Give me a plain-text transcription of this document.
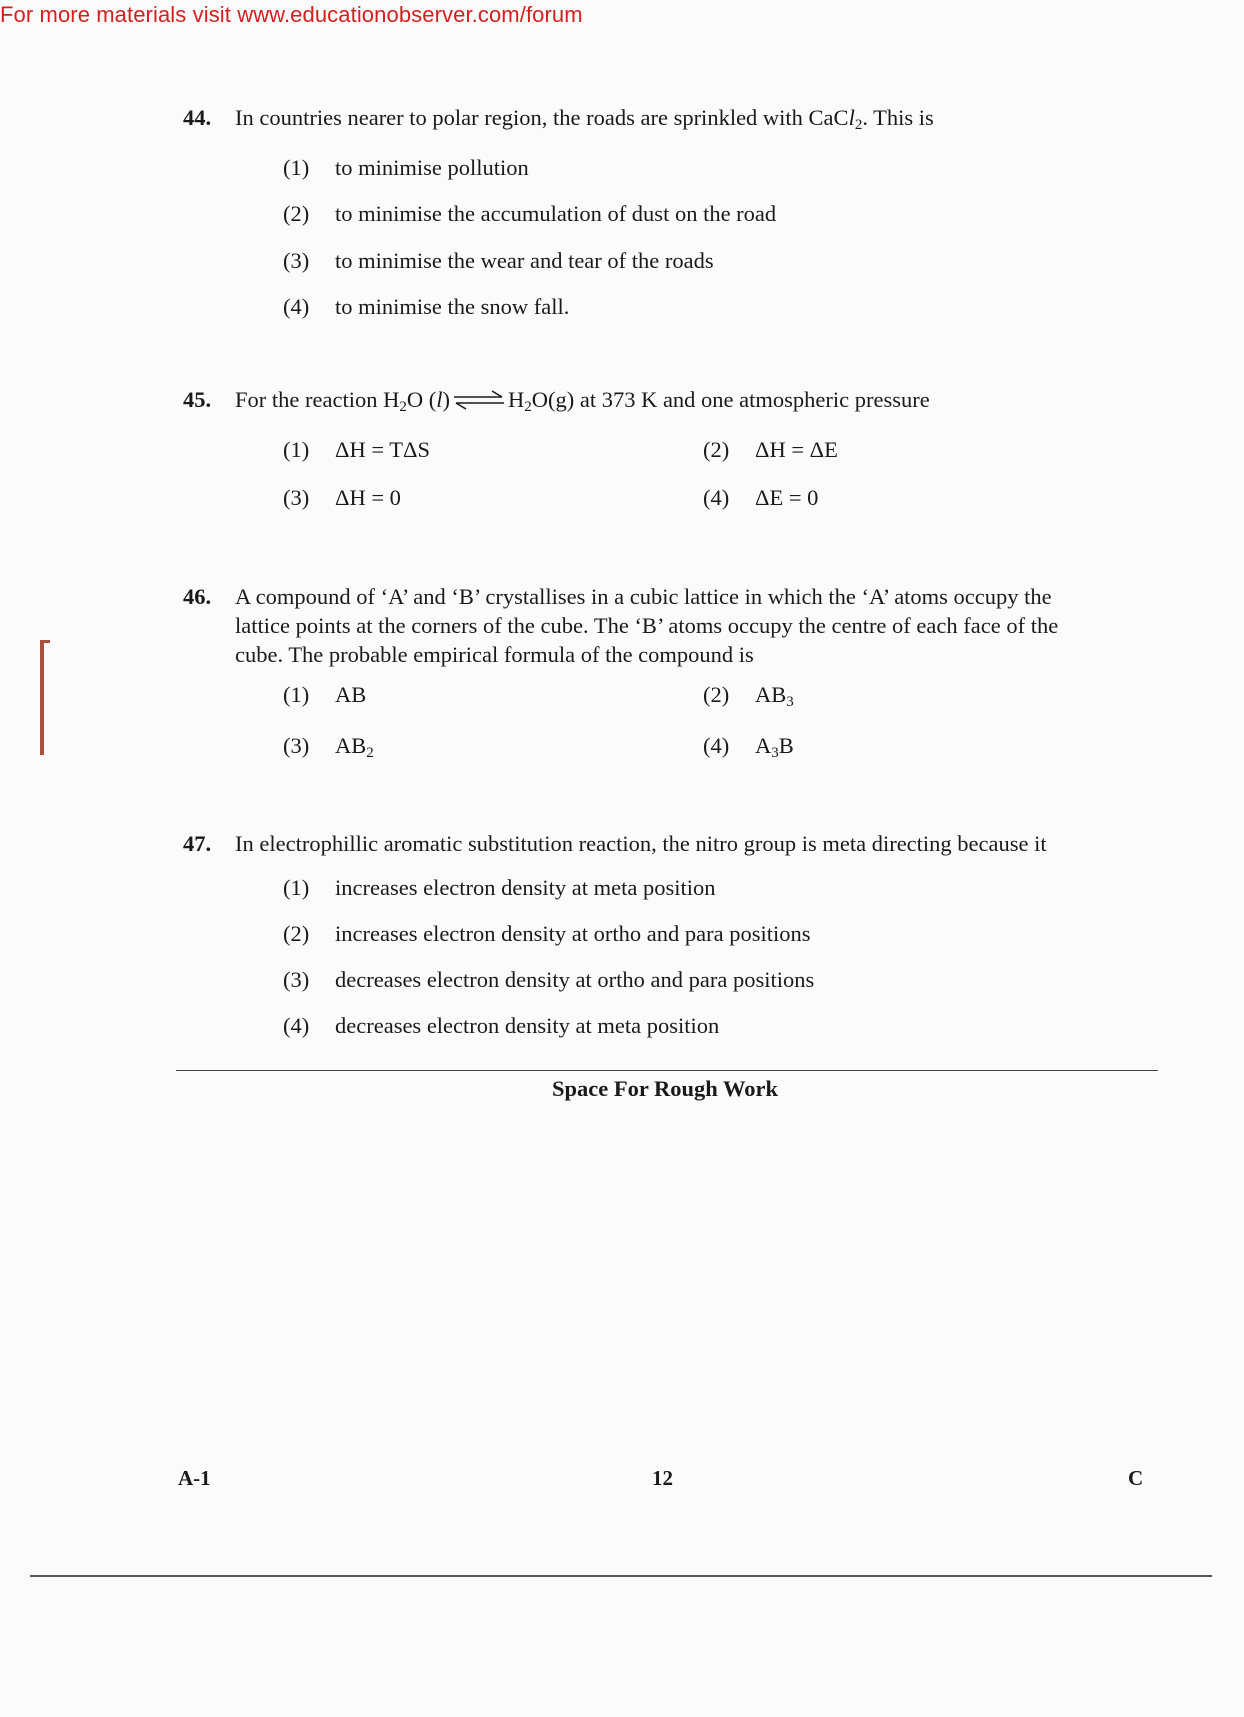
For more materials visit www.educationobserver.com/forum
44. In countries nearer to polar region, the roads are sprinkled with CaCl$_2$. This is
(1) to minimise pollution
(2) to minimise the accumulation of dust on the road
(3) to minimise the wear and tear of the roads
(4) to minimise the snow fall.
45. For the reaction $H_2O$ (l) ⇌ $H_2O(g)$ at 373 K and one atmospheric pressure
(1) ΔH = TΔS	(2) ΔH = ΔE
(3) ΔH = 0	(4) ΔE = 0
46. A compound of ‘A’ and ‘B’ crystallises in a cubic lattice in which the ‘A’ atoms occupy the
lattice points at the corners of the cube. The ‘B’ atoms occupy the centre of each face of the
cube. The probable empirical formula of the compound is
(1) AB	(2) $AB_3$
(3) $AB_2$	(4) $A_3B$
47. In electrophillic aromatic substitution reaction, the nitro group is meta directing because it
(1) increases electron density at meta position
(2) increases electron density at ortho and para positions
(3) decreases electron density at ortho and para positions
(4) decreases electron density at meta position
Space For Rough Work
A-1	12	C
